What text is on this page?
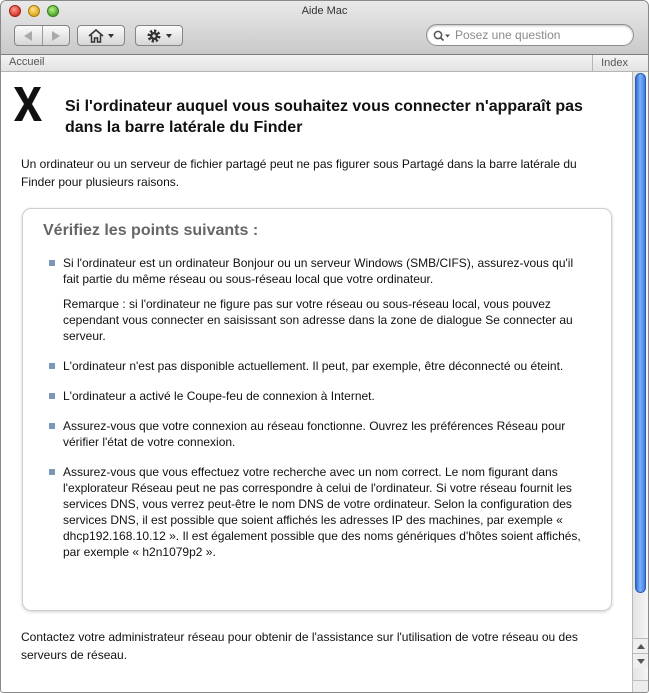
Aide Mac
Posez une question
Accueil	Index
Si l'ordinateur auquel vous souhaitez vous connecter n'apparaît pas dans la barre latérale du Finder

Un ordinateur ou un serveur de fichier partagé peut ne pas figurer sous Partagé dans la barre latérale du Finder pour plusieurs raisons.

Vérifiez les points suivants :

Si l'ordinateur est un ordinateur Bonjour ou un serveur Windows (SMB/CIFS), assurez-vous qu'il fait partie du même réseau ou sous-réseau local que votre ordinateur.

Remarque : si l'ordinateur ne figure pas sur votre réseau ou sous-réseau local, vous pouvez cependant vous connecter en saisissant son adresse dans la zone de dialogue Se connecter au serveur.

L'ordinateur n'est pas disponible actuellement. Il peut, par exemple, être déconnecté ou éteint.

L'ordinateur a activé le Coupe-feu de connexion à Internet.

Assurez-vous que votre connexion au réseau fonctionne. Ouvrez les préférences Réseau pour vérifier l'état de votre connexion.

Assurez-vous que vous effectuez votre recherche avec un nom correct. Le nom figurant dans l'explorateur Réseau peut ne pas correspondre à celui de l'ordinateur. Si votre réseau fournit les services DNS, vous verrez peut-être le nom DNS de votre ordinateur. Selon la configuration des services DNS, il est possible que soient affichés les adresses IP des machines, par exemple « dhcp192.168.10.12 ». Il est également possible que des noms génériques d'hôtes soient affichés, par exemple « h2n1079p2 ».

Contactez votre administrateur réseau pour obtenir de l'assistance sur l'utilisation de votre réseau ou des serveurs de réseau.
